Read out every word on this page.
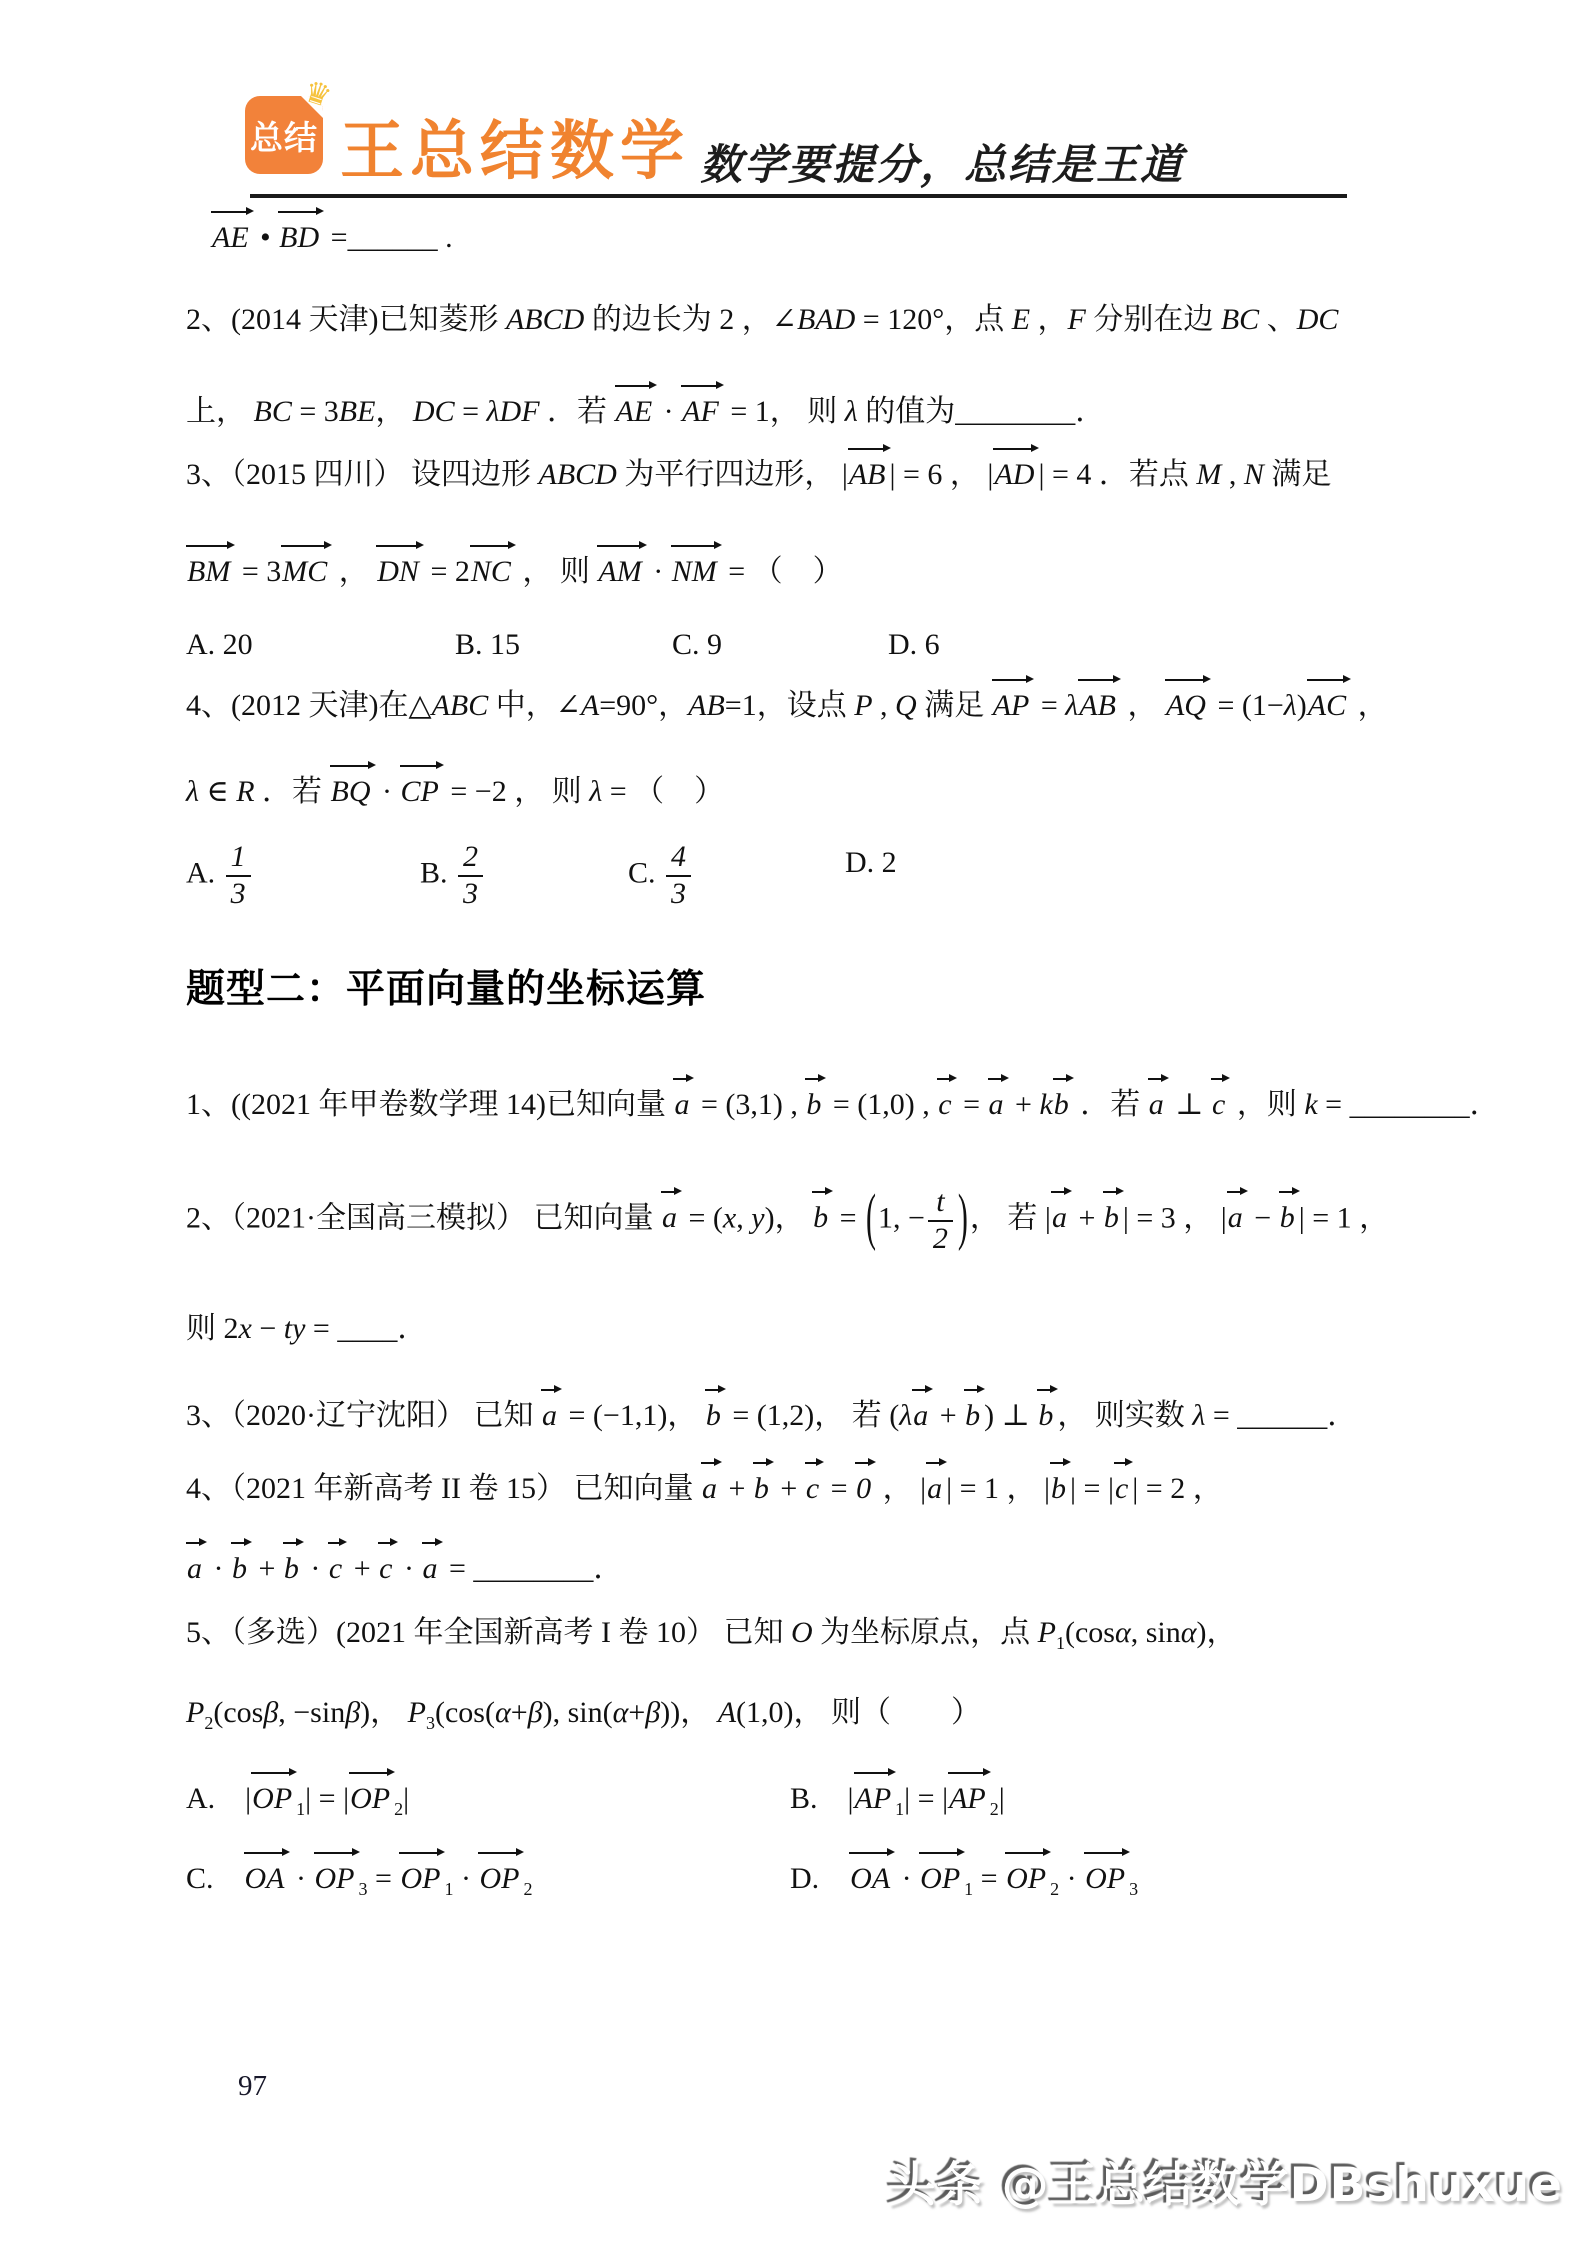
♛
总结 王总结数学 数学要提分，总结是王道
AE • BD =______ .
2、(2014 天津)已知菱形 ABCD 的边长为 2 ，∠BAD = 120°，点 E ，F 分别在边 BC 、DC
上， BC = 3BE， DC = λDF ．若 AE · AF = 1， 则 λ 的值为________．
3、（2015 四川） 设四边形 ABCD 为平行四边形， |AB | = 6 ， |AD | = 4 ．若点 M , N 满足
BM = 3MC ， DN = 2NC ， 则 AM · NM = （　）
A. 20	B. 15	C. 9	D. 6
4、(2012 天津)在△ABC 中，∠A=90°，AB=1，设点 P , Q 满足 AP = λAB ， AQ = (1−λ)AC ，
λ ∈ R ．若 BQ · CP = −2 ， 则 λ = （　）
A. $\frac{1}{3}$	B. $\frac{2}{3}$	C. $\frac{4}{3}$	D. 2
题型二：平面向量的坐标运算
1、((2021 年甲卷数学理 14)已知向量 a = (3,1) , b = (1,0) , c = a + kb ．若 a ⊥ c ，则 k = ________．
2、（2021·全国高三模拟） 已知向量 a = (x, y)， b = (1, − $\frac{t}{2}$ )， 若 |a + b | = 3 ， |a − b | = 1 ，
则 2x − ty = ____．
3、（2020·辽宁沈阳） 已知 a = (−1,1)， b = (1,2)， 若 (λa + b ) ⊥ b ， 则实数 λ = ______．
4、（2021 年新高考 II 卷 15） 已知向量 a + b + c = 0 ， |a | = 1 ， |b | = |c | = 2 ，
a · b + b · c + c · a = ________．
5、（多选）(2021 年全国新高考 I 卷 10） 已知 O 为坐标原点，点 $P_1(\cos\alpha$, sinα)，
$P_2(\cos\beta$, −sinβ)， $P_3(\cos(\alpha+\beta)$, sin(α+β))， A(1,0)， 则（　　）
A.　|OP $_1$| = |OP $_2$|	B.　|AP $_1$| = |AP $_2$|
C.　OA · OP $_3$ = OP $_1$ · OP $_2$	D.　OA · OP $_1$ = OP $_2$ · OP $_3$
97
头条 @王总结数学DBshuxue
